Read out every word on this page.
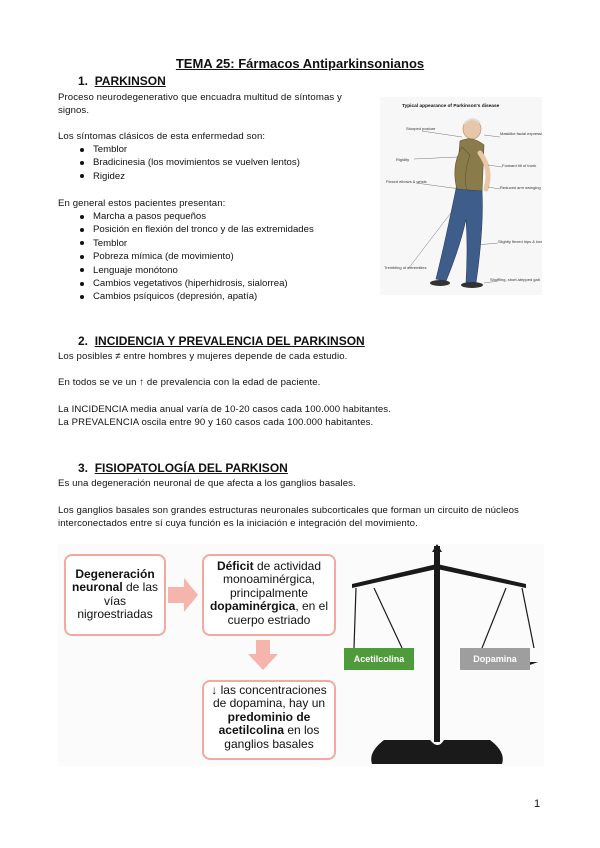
TEMA 25: Fármacos Antiparkinsonianos
1. PARKINSON
Proceso neurodegenerativo que encuadra multitud de síntomas y
signos.
Los síntomas clásicos de esta enfermedad son:
Temblor
Bradicinesia (los movimientos se vuelven lentos)
Rigidez
En general estos pacientes presentan:
Marcha a pasos pequeños
Posición en flexión del tronco y de las extremidades
Temblor
Pobreza mímica (de movimiento)
Lenguaje monótono
Cambios vegetativos (hiperhidrosis, sialorrea)
Cambios psíquicos (depresión, apatía)
Typical appearance of Parkinson's disease
Stooped posture
Masklike facial expression
Rigidity
Forward tilt of trunk
Flexed elbows & wrists
Reduced arm swinging
Slightly flexed hips & knees
Trembling of extremities
Shuffling, short-stepped gait
2. INCIDENCIA Y PREVALENCIA DEL PARKINSON
Los posibles ≠ entre hombres y mujeres depende de cada estudio.
En todos se ve un ↑ de prevalencia con la edad de paciente.
La INCIDENCIA media anual varía de 10-20 casos cada 100.000 habitantes.
La PREVALENCIA oscila entre 90 y 160 casos cada 100.000 habitantes.
3. FISIOPATOLOGÍA DEL PARKISON
Es una degeneración neuronal de que afecta a los ganglios basales.
Los ganglios basales son grandes estructuras neuronales subcorticales que forman un circuito de núcleos
interconectados entre sí cuya función es la iniciación e integración del movimiento.
Degeneración neuronal de las vías nigroestriadas
Déficit de actividad monoaminérgica, principalmente dopaminérgica, en el cuerpo estriado
↓ las concentraciones de dopamina, hay un predominio de acetilcolina en los ganglios basales
Acetilcolina	Dopamina
1
